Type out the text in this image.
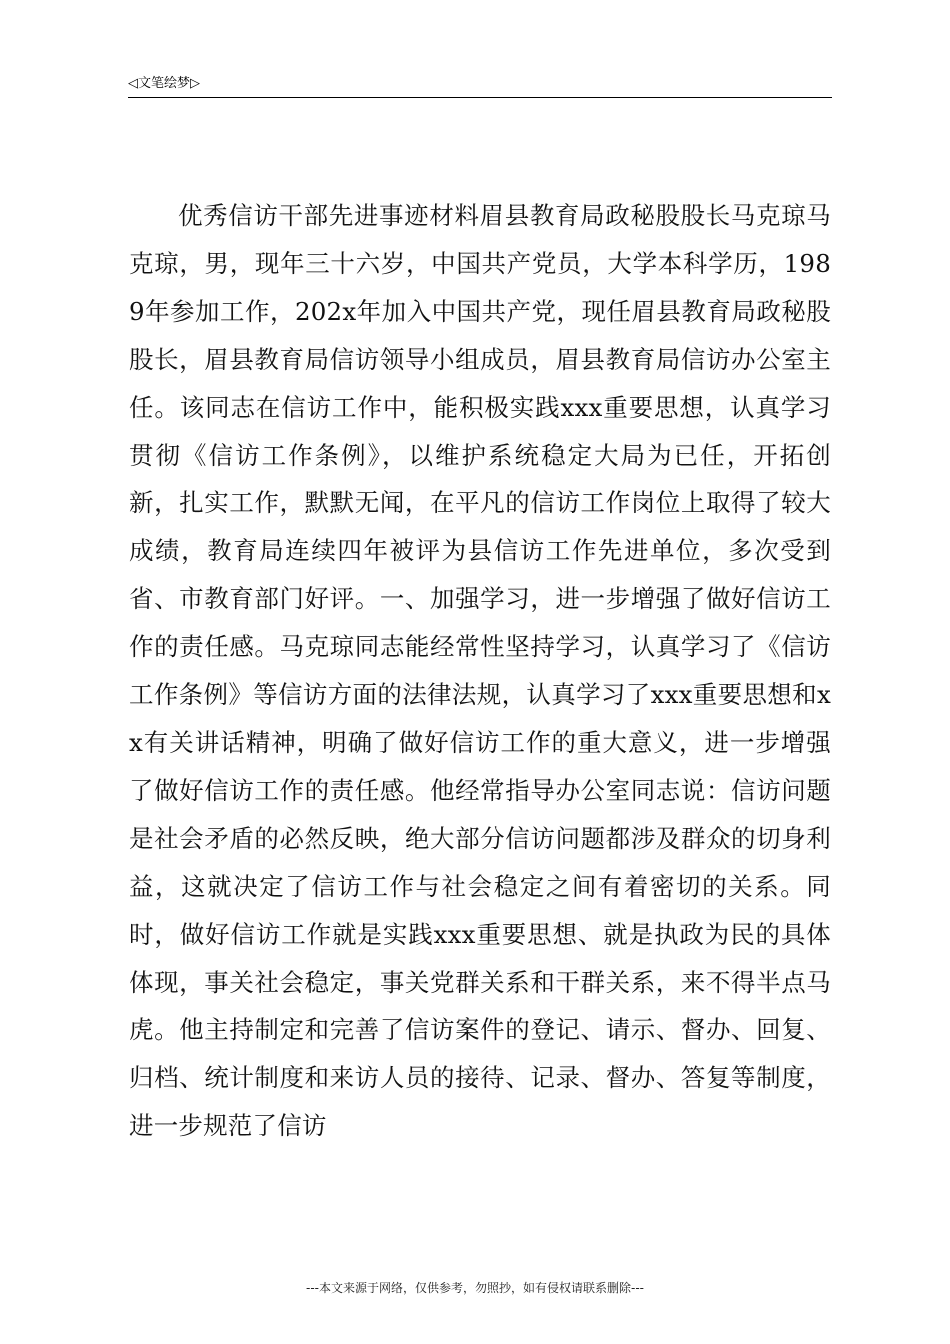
◁ 文笔绘梦 ▷

优秀信访干部先进事迹材料眉县教育局政秘股股长马克琼马克琼，男，现年三十六岁，中国共产党员，大学本科学历，1989年参加工作，202x年加入中国共产党，现任眉县教育局政秘股股长，眉县教育局信访领导小组成员，眉县教育局信访办公室主任。该同志在信访工作中，能积极实践xxx重要思想，认真学习贯彻《信访工作条例》，以维护系统稳定大局为已任，开拓创新，扎实工作，默默无闻，在平凡的信访工作岗位上取得了较大成绩，教育局连续四年被评为县信访工作先进单位，多次受到省、市教育部门好评。一、加强学习，进一步增强了做好信访工作的责任感。马克琼同志能经常性坚持学习，认真学习了《信访工作条例》等信访方面的法律法规，认真学习了xxx重要思想和xx有关讲话精神，明确了做好信访工作的重大意义，进一步增强了做好信访工作的责任感。他经常指导办公室同志说：信访问题是社会矛盾的必然反映，绝大部分信访问题都涉及群众的切身利益，这就决定了信访工作与社会稳定之间有着密切的关系。同时，做好信访工作就是实践xxx重要思想、就是执政为民的具体体现，事关社会稳定，事关党群关系和干群关系，来不得半点马虎。他主持制定和完善了信访案件的登记、请示、督办、回复、归档、统计制度和来访人员的接待、记录、督办、答复等制度，进一步规范了信访

---本文来源于网络，仅供参考，勿照抄，如有侵权请联系删除---
